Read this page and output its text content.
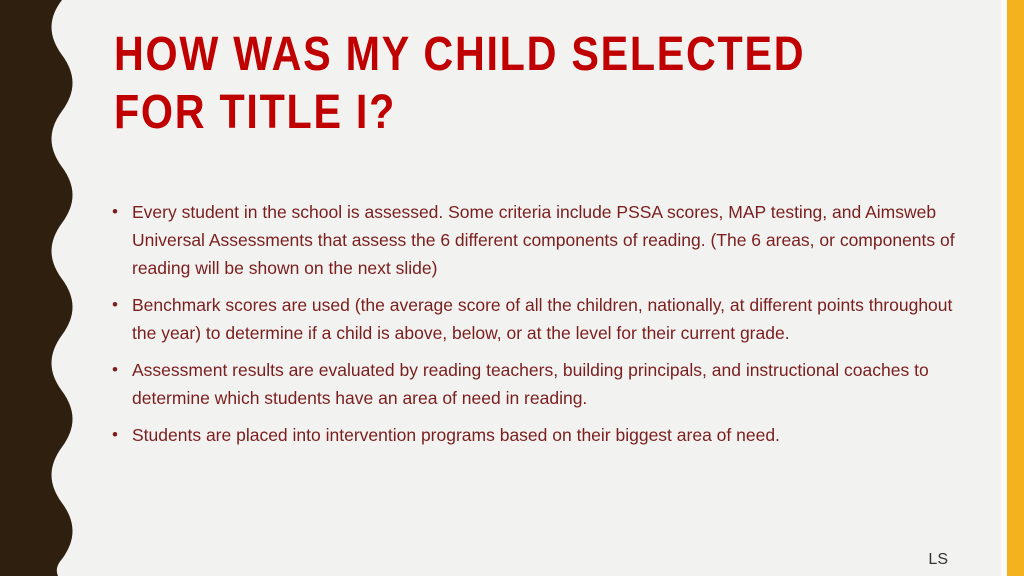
HOW WAS MY CHILD SELECTED FOR TITLE I?
• Every student in the school is assessed. Some criteria include PSSA scores, MAP testing, and Aimsweb Universal Assessments that assess the 6 different components of reading. (The 6 areas, or components of reading will be shown on the next slide)
• Benchmark scores are used (the average score of all the children, nationally, at different points throughout the year) to determine if a child is above, below, or at the level for their current grade.
• Assessment results are evaluated by reading teachers, building principals, and instructional coaches to determine which students have an area of need in reading.
• Students are placed into intervention programs based on their biggest area of need.
LS
